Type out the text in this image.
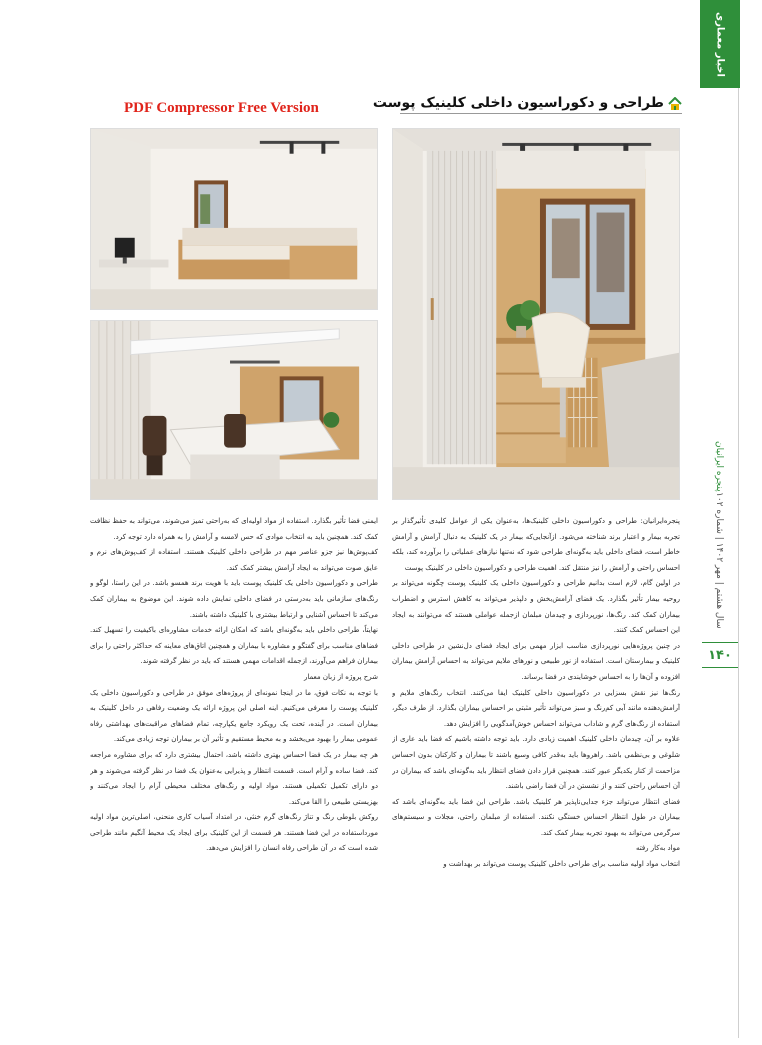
اخبار معماری
پنجره ایرانیان
سال هشتم | مهر ۱۴۰۲ | شماره ۱۰۲
۱۴۰
PDF Compressor Free Version	طراحی و دکوراسیون داخلی کلینیک پوست

پنجره‌ایرانیان: طراحی و دکوراسیون داخلی کلینیک‌ها، به‌عنوان یکی از عوامل کلیدی تأثیرگذار بر تجربه بیمار و اعتبار برند شناخته می‌شود. ازآنجایی‌که بیمار در یک کلینیک به دنبال آرامش و آرامش خاطر است، فضای داخلی باید به‌گونه‌ای طراحی شود که نه‌تنها نیازهای عملیاتی را برآورده کند، بلکه احساس راحتی و آرامش را نیز منتقل کند. اهمیت طراحی و دکوراسیون داخلی در کلینیک پوست

در اولین گام، لازم است بدانیم طراحی و دکوراسیون داخلی یک کلینیک پوست چگونه می‌تواند بر روحیه بیمار تأثیر بگذارد. یک فضای آرامش‌بخش و دلپذیر می‌تواند به کاهش استرس و اضطراب بیماران کمک کند. رنگ‌ها، نورپردازی و چیدمان مبلمان ازجمله عواملی هستند که می‌توانند به ایجاد این احساس کمک کنند.

در چنین پروژه‌هایی نورپردازی مناسب ابزار مهمی برای ایجاد فضای دل‌نشین در طراحی داخلی کلینیک و بیمارستان است. استفاده از نور طبیعی و نورهای ملایم می‌تواند به احساس آرامش بیماران افزوده و آن‌ها را به احساس خوشایندی در فضا برساند.

رنگ‌ها نیز نقش بسزایی در دکوراسیون داخلی کلینیک ایفا می‌کنند. انتخاب رنگ‌های ملایم و آرامش‌دهنده مانند آبی کم‌رنگ و سبز می‌تواند تأثیر مثبتی بر احساس بیماران بگذارد. از طرف دیگر، استفاده از رنگ‌های گرم و شاداب می‌تواند احساس خوش‌آمدگویی را افزایش دهد.

علاوه بر آن، چیدمان داخلی کلینیک اهمیت زیادی دارد. باید توجه داشته باشیم که فضا باید عاری از شلوغی و بی‌نظمی باشد. راهروها باید به‌قدر کافی وسیع باشند تا بیماران و کارکنان بدون احساس مزاحمت از کنار یکدیگر عبور کنند. همچنین قرار دادن فضای انتظار باید به‌گونه‌ای باشد که بیماران در آن احساس راحتی کنند و از نشستن در آن فضا راضی باشند.

فضای انتظار می‌تواند جزء جدایی‌ناپذیر هر کلینیک باشد. طراحی این فضا باید به‌گونه‌ای باشد که بیماران در طول انتظار احساس خستگی نکنند. استفاده از مبلمان راحتی، مجلات و سیستم‌های سرگرمی می‌تواند به بهبود تجربه بیمار کمک کند.

مواد به‌کار رفته

انتخاب مواد اولیه مناسب برای طراحی داخلی کلینیک پوست می‌تواند بر بهداشت و

ایمنی فضا تأثیر بگذارد. استفاده از مواد اولیه‌ای که به‌راحتی تمیز می‌شوند، می‌تواند به حفظ نظافت کمک کند. همچنین باید به انتخاب موادی که حس لامسه و آرامش را به همراه دارد توجه کرد.

کف‌پوش‌ها نیز جزو عناصر مهم در طراحی داخلی کلینیک هستند. استفاده از کف‌پوش‌های نرم و عایق صوت می‌تواند به ایجاد آرامش بیشتر کمک کند.

طراحی و دکوراسیون داخلی یک کلینیک پوست باید با هویت برند همسو باشد. در این راستا، لوگو و رنگ‌های سازمانی باید به‌درستی در فضای داخلی نمایش داده شوند. این موضوع به بیماران کمک می‌کند تا احساس آشنایی و ارتباط بیشتری با کلینیک داشته باشند.

نهایتاً، طراحی داخلی باید به‌گونه‌ای باشد که امکان ارائه خدمات مشاوره‌ای باکیفیت را تسهیل کند. فضاهای مناسب برای گفتگو و مشاوره با بیماران و همچنین اتاق‌های معاینه که حداکثر راحتی را برای بیماران فراهم می‌آورند، ازجمله اقدامات مهمی هستند که باید در نظر گرفته شوند.

شرح پروژه از زبان معمار

با توجه به نکات فوق، ما در اینجا نمونه‌ای از پروژه‌های موفق در طراحی و دکوراسیون داخلی یک کلینیک پوست را معرفی می‌کنیم. اینه اصلی این پروژه ارائه یک وضعیت رفاهی در داخل کلینیک به بیماران است. در آینده، تحت یک رویکرد جامع یکپارچه، تمام فضاهای مراقبت‌های بهداشتی رفاه عمومی بیمار را بهبود می‌بخشد و به محیط مستقیم و تأثیر آن بر بیماران توجه زیادی می‌کند.

هر چه بیمار در یک فضا احساس بهتری داشته باشد، احتمال بیشتری دارد که برای مشاوره مراجعه کند. فضا ساده و آرام است. قسمت انتظار و پذیرایی به‌عنوان یک فضا در نظر گرفته می‌شوند و هر دو دارای تکمیل تکمیلی هستند. مواد اولیه و رنگ‌های مختلف محیطی آرام را ایجاد می‌کنند و بهزیستی طبیعی را القا می‌کند.

روکش بلوطی رنگ و تناژ رنگ‌های گرم خنثی، در امتداد آسیاب کاری منحنی، اصلی‌ترین مواد اولیه مورداستفاده در این فضا هستند. هر قسمت از این کلینیک برای ایجاد یک محیط آنگیم مانند طراحی شده است که در آن طراحی رفاه انسان را افزایش می‌دهد.
